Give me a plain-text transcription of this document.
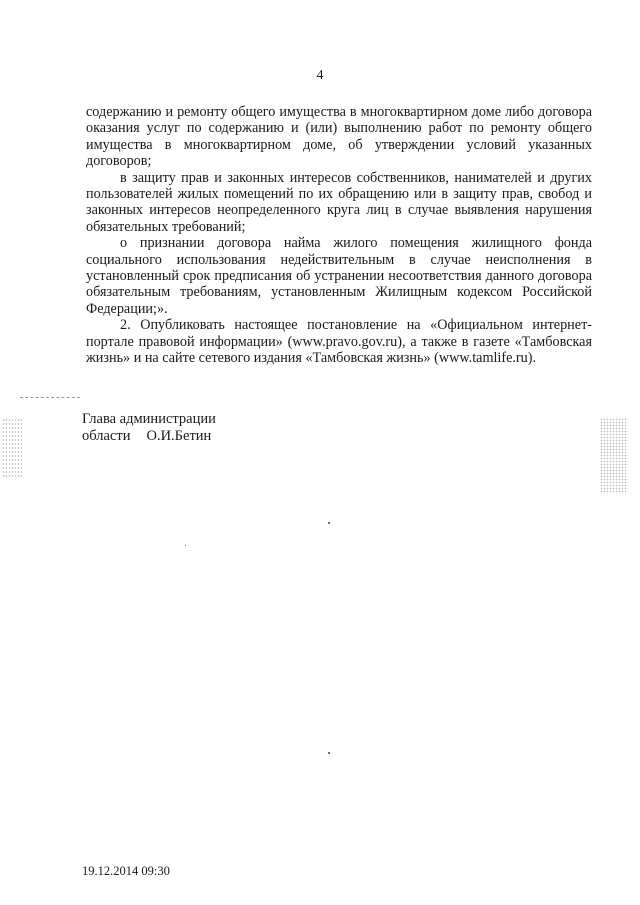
4

содержанию и ремонту общего имущества в многоквартирном доме либо договора оказания услуг по содержанию и (или) выполнению работ по ремонту общего имущества в многоквартирном доме, об утверждении условий указанных договоров;

в защиту прав и законных интересов собственников, нанимателей и других пользователей жилых помещений по их обращению или в защиту прав, свобод и законных интересов неопределенного круга лиц в случае выявления нарушения обязательных требований;

о признании договора найма жилого помещения жилищного фонда социального использования недействительным в случае неисполнения в установленный срок предписания об устранении несоответствия данного договора обязательным требованиям, установленным Жилищным кодексом Российской Федерации;».

2. Опубликовать настоящее постановление на «Официальном интернет-портале правовой информации» (www.pravo.gov.ru), а также в газете «Тамбовская жизнь» и на сайте сетевого издания «Тамбовская жизнь» (www.tamlife.ru).

Глава администрации
области О.И.Бетин
19.12.2014 09:30
